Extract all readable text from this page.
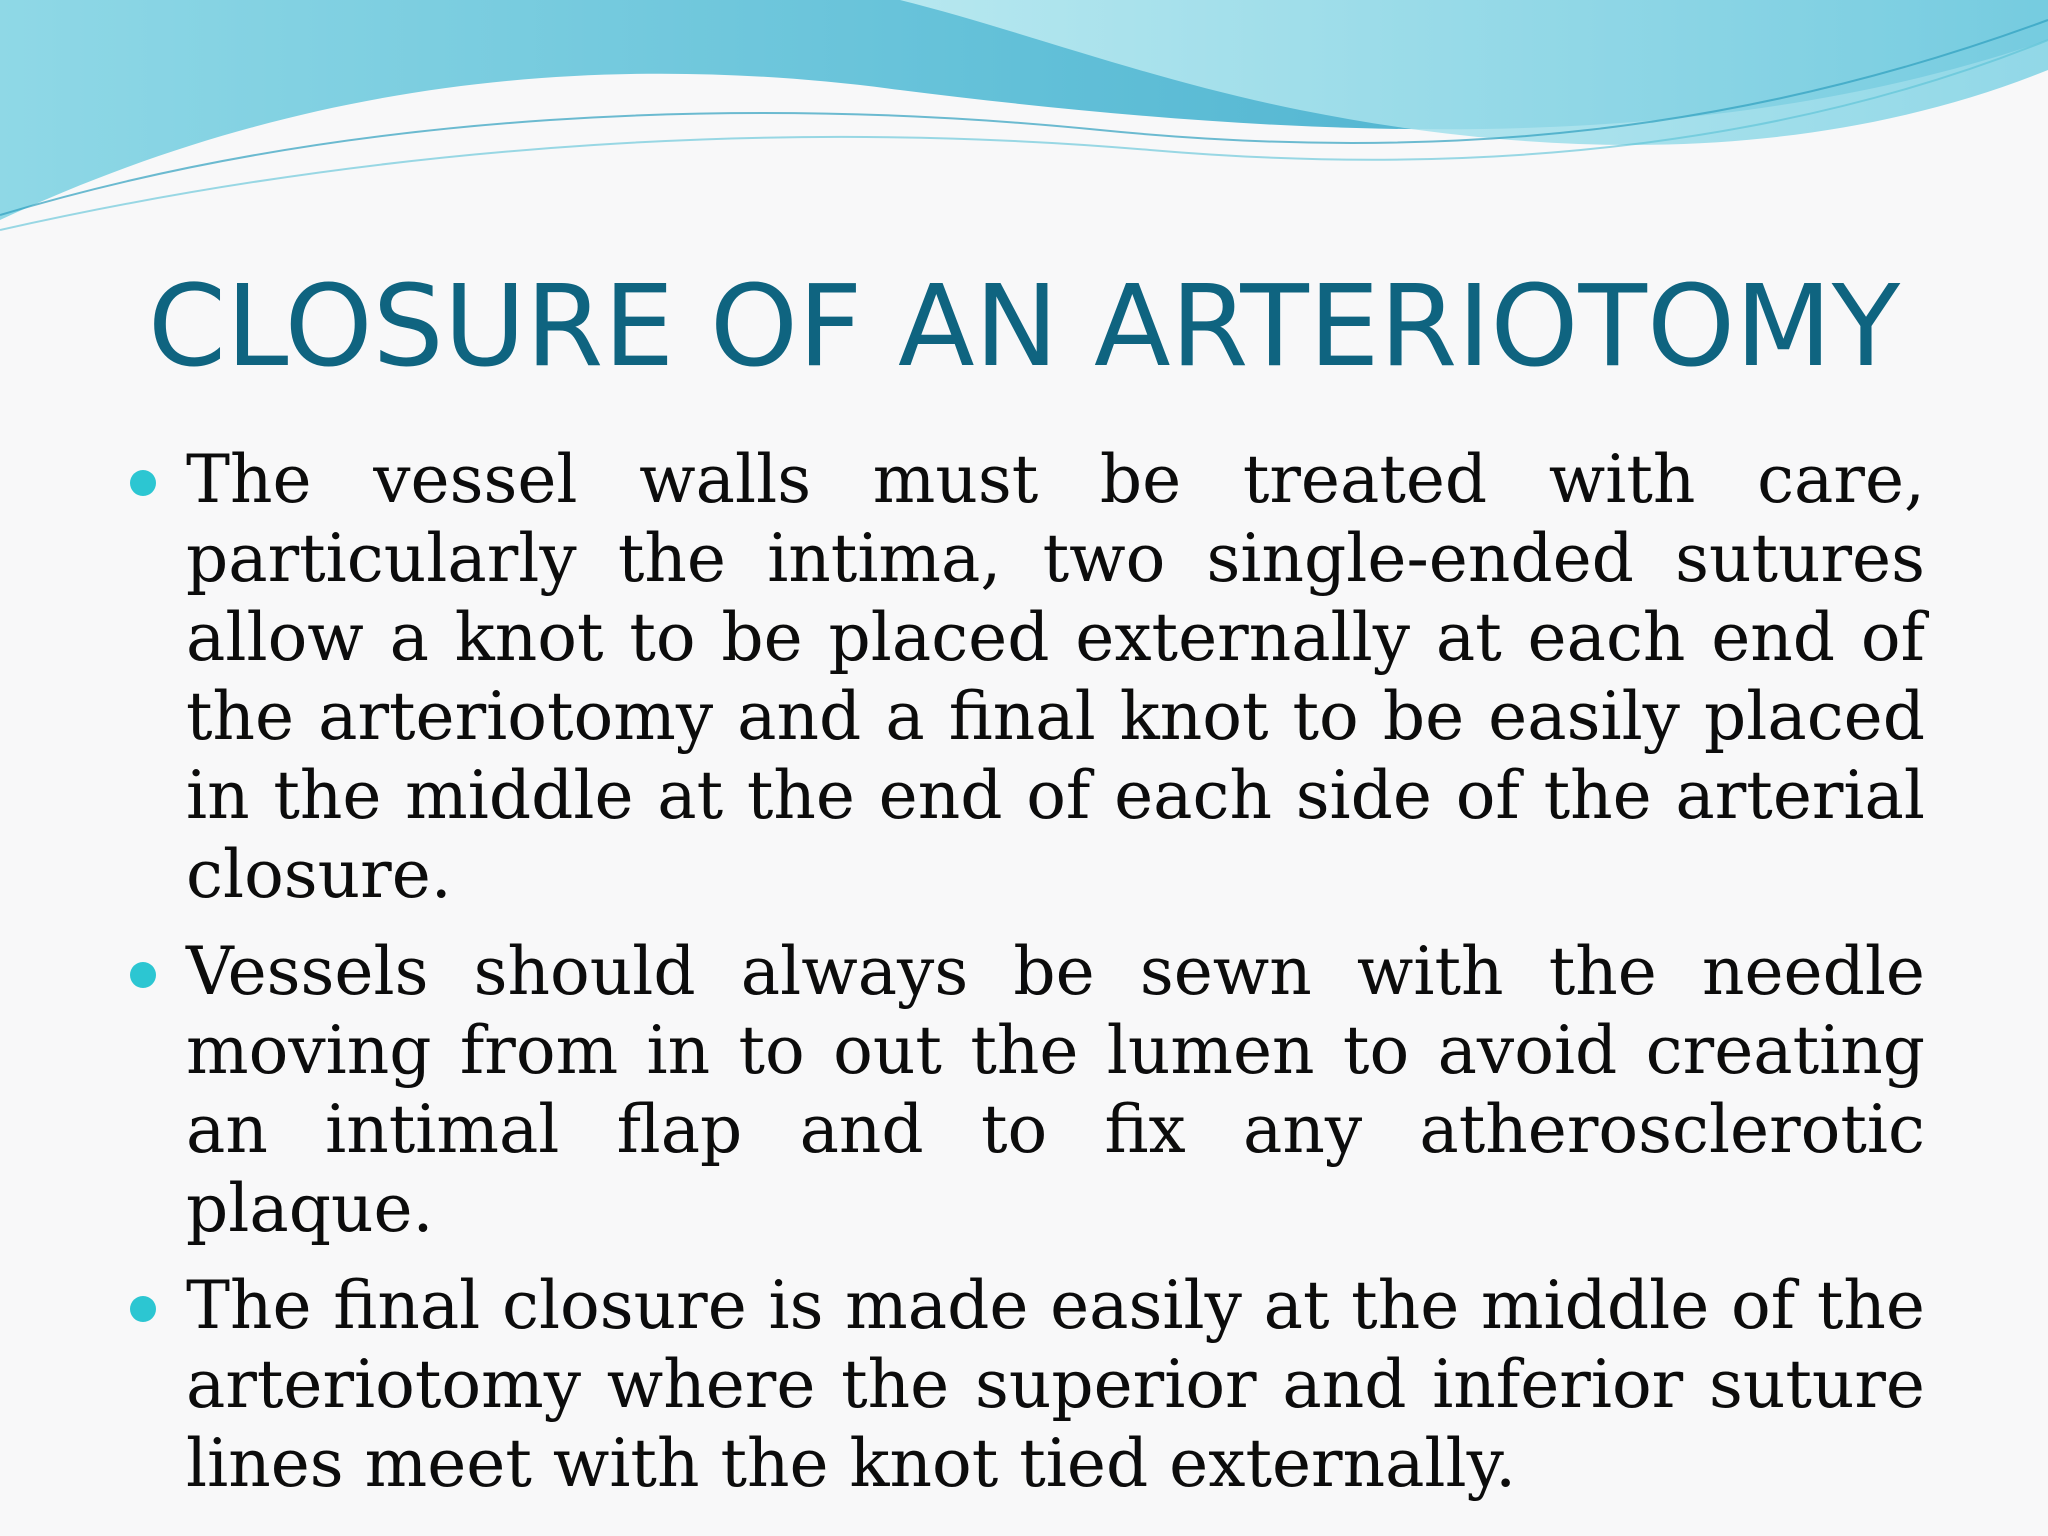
CLOSURE OF AN ARTERIOTOMY
The vessel walls must be treated with care, particularly the intima, two single-ended sutures allow a knot to be placed externally at each end of the arteriotomy and a final knot to be easily placed in the middle at the end of each side of the arterial closure.
Vessels should always be sewn with the needle moving from in to out the lumen to avoid creating an intimal flap and to fix any atherosclerotic plaque.
The final closure is made easily at the middle of the arteriotomy where the superior and inferior suture lines meet with the knot tied externally.
